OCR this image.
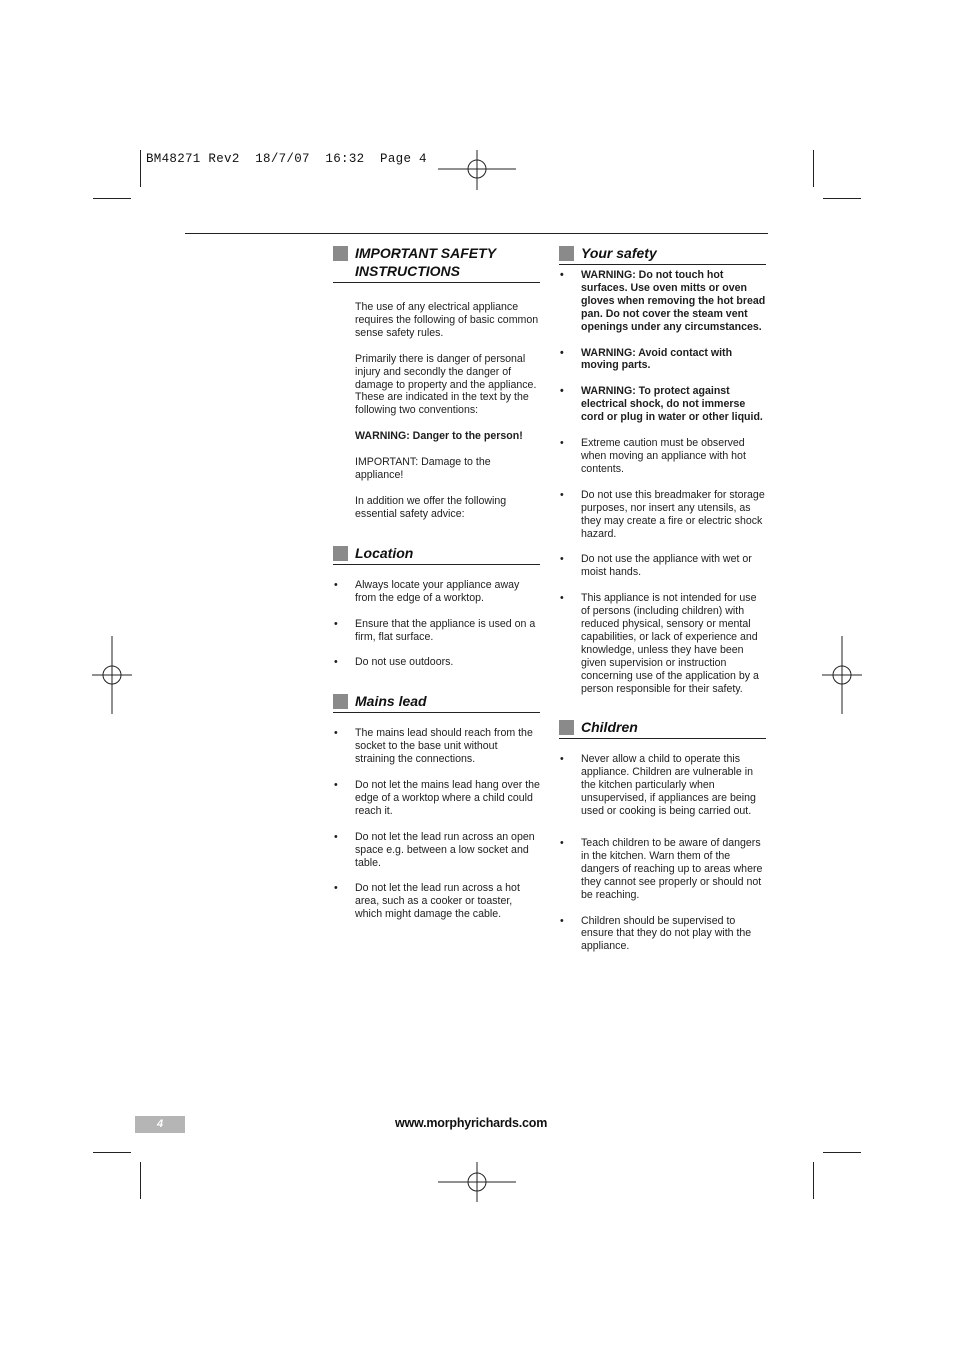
BM48271 Rev2  18/7/07  16:32  Page 4
IMPORTANT SAFETY INSTRUCTIONS

The use of any electrical appliance requires the following of basic common sense safety rules.

Primarily there is danger of personal injury and secondly the danger of damage to property and the appliance. These are indicated in the text by the following two conventions:

WARNING: Danger to the person!

IMPORTANT: Damage to the appliance!

In addition we offer the following essential safety advice:

Location
• Always locate your appliance away from the edge of a worktop.
• Ensure that the appliance is used on a firm, flat surface.
• Do not use outdoors.
Mains lead
• The mains lead should reach from the socket to the base unit without straining the connections.
• Do not let the mains lead hang over the edge of a worktop where a child could reach it.
• Do not let the lead run across an open space e.g. between a low socket and table.
• Do not let the lead run across a hot area, such as a cooker or toaster, which might damage the cable.
Your safety
• WARNING: Do not touch hot surfaces. Use oven mitts or oven gloves when removing the hot bread pan. Do not cover the steam vent openings under any circumstances.
• WARNING: Avoid contact with moving parts.
• WARNING: To protect against electrical shock, do not immerse cord or plug in water or other liquid.
• Extreme caution must be observed when moving an appliance with hot contents.
• Do not use this breadmaker for storage purposes, nor insert any utensils, as they may create a fire or electric shock hazard.
• Do not use the appliance with wet or moist hands.
• This appliance is not intended for use of persons (including children) with reduced physical, sensory or mental capabilities, or lack of experience and knowledge, unless they have been given supervision or instruction concerning use of the application by a person responsible for their safety.
Children
• Never allow a child to operate this appliance. Children are vulnerable in the kitchen particularly when unsupervised, if appliances are being used or cooking is being carried out.
• Teach children to be aware of dangers in the kitchen. Warn them of the dangers of reaching up to areas where they cannot see properly or should not be reaching.
• Children should be supervised to ensure that they do not play with the appliance.
4	www.morphyrichards.com
